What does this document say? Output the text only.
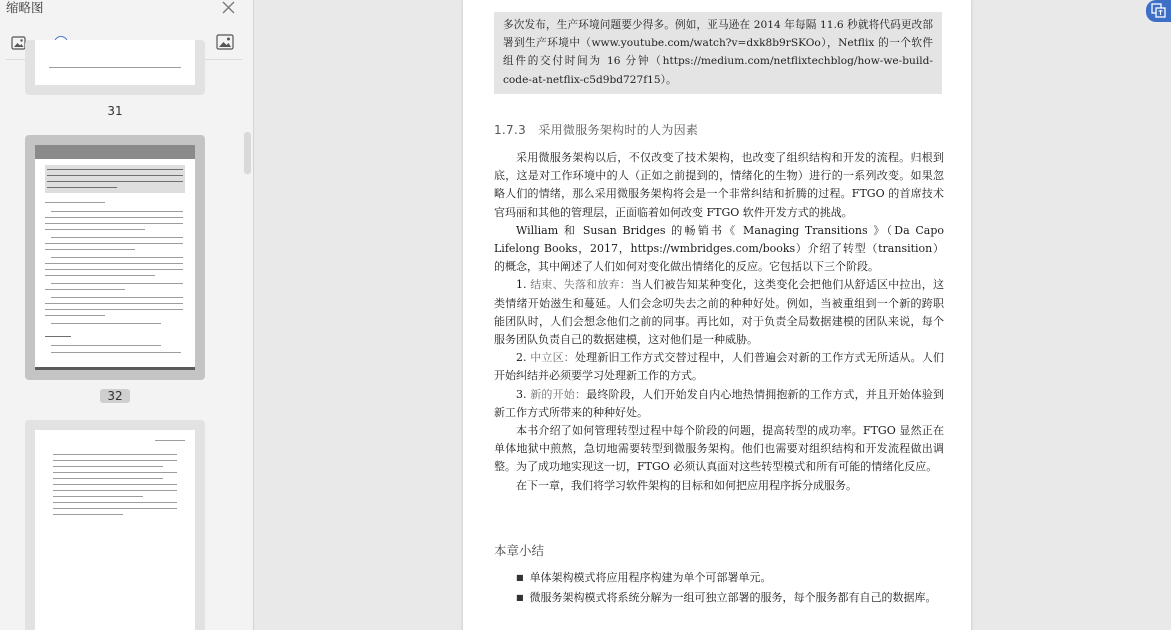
缩略图
31
32
多次发布，生产环境问题要少得多。例如，亚马逊在 2014 年每隔 11.6 秒就将代码更改部署到生产环境中（www.youtube.com/watch?v=dxk8b9rSKOo），Netflix 的一个软件组件的交付时间为 16 分钟（https://medium.com/netflixtechblog/how-we-build-code-at-netflix-c5d9bd727f15）。
1.7.3　采用微服务架构时的人为因素

采用微服务架构以后，不仅改变了技术架构，也改变了组织结构和开发的流程。归根到底，这是对工作环境中的人（正如之前提到的，情绪化的生物）进行的一系列改变。如果忽略人们的情绪，那么采用微服务架构将会是一个非常纠结和折腾的过程。FTGO 的首席技术官玛丽和其他的管理层，正面临着如何改变 FTGO 软件开发方式的挑战。

William 和 Susan Bridges 的畅销书《 Managing Transitions 》（Da Capo Lifelong Books，2017，https://wmbridges.com/books）介绍了转型（transition）的概念，其中阐述了人们如何对变化做出情绪化的反应。它包括以下三个阶段。

1. 结束、失落和放弃：当人们被告知某种变化，这类变化会把他们从舒适区中拉出，这类情绪开始滋生和蔓延。人们会念叨失去之前的种种好处。例如，当被重组到一个新的跨职能团队时，人们会想念他们之前的同事。再比如，对于负责全局数据建模的团队来说，每个服务团队负责自己的数据建模，这对他们是一种威胁。

2. 中立区：处理新旧工作方式交替过程中，人们普遍会对新的工作方式无所适从。人们开始纠结并必须要学习处理新工作的方式。

3. 新的开始：最终阶段，人们开始发自内心地热情拥抱新的工作方式，并且开始体验到新工作方式所带来的种种好处。

本书介绍了如何管理转型过程中每个阶段的问题，提高转型的成功率。FTGO 显然正在单体地狱中煎熬，急切地需要转型到微服务架构。他们也需要对组织结构和开发流程做出调整。为了成功地实现这一切，FTGO 必须认真面对这些转型模式和所有可能的情绪化反应。

在下一章，我们将学习软件架构的目标和如何把应用程序拆分成服务。

本章小结
■ 单体架构模式将应用程序构建为单个可部署单元。
■ 微服务架构模式将系统分解为一组可独立部署的服务，每个服务都有自己的数据库。
